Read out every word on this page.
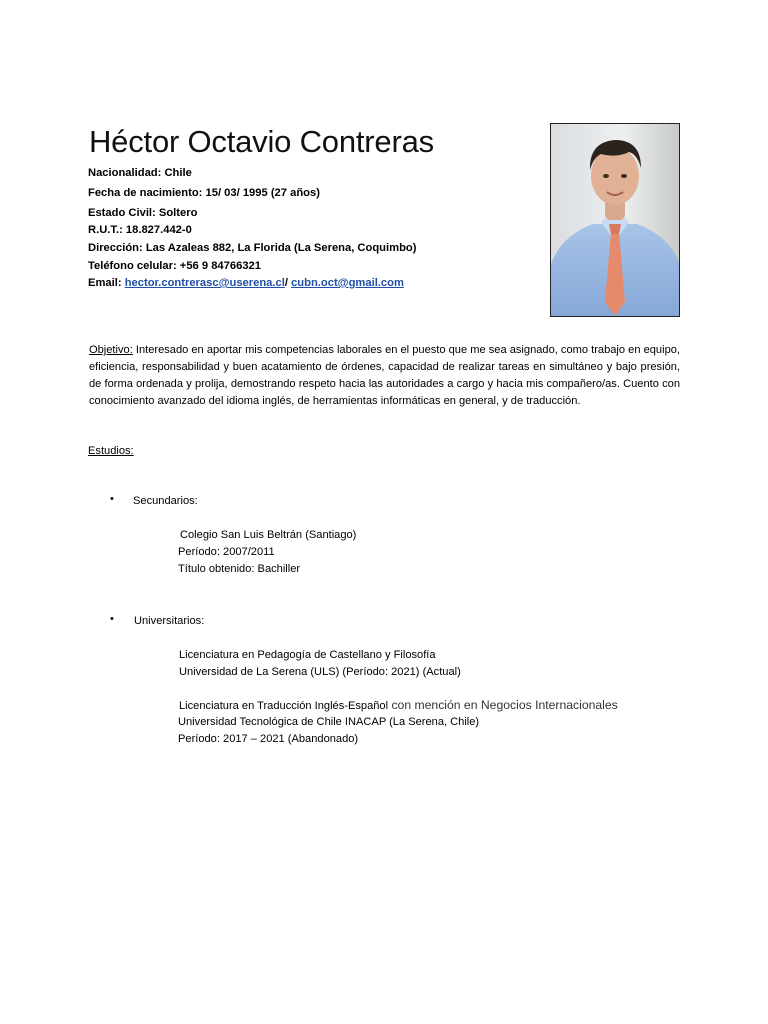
Héctor Octavio Contreras
Nacionalidad: Chile
Fecha de nacimiento: 15/ 03/ 1995 (27 años)
Estado Civil: Soltero
R.U.T.: 18.827.442-0
Dirección: Las Azaleas 882, La Florida (La Serena, Coquimbo)
Teléfono celular: +56 9 84766321
Email: hector.contrerasc@userena.cl/ cubn.oct@gmail.com
Objetivo: Interesado en aportar mis competencias laborales en el puesto que me sea asignado, como trabajo en equipo, eficiencia, responsabilidad y buen acatamiento de órdenes, capacidad de realizar tareas en simultáneo y bajo presión, de forma ordenada y prolija, demostrando respeto hacia las autoridades a cargo y hacia mis compañero/as. Cuento con conocimiento avanzado del idioma inglés, de herramientas informáticas en general, y de traducción.
Estudios:
• Secundarios:
Colegio San Luis Beltrán (Santiago)
Período: 2007/2011
Título obtenido: Bachiller
• Universitarios:
Licenciatura en Pedagogía de Castellano y Filosofía
Universidad de La Serena (ULS) (Período: 2021) (Actual)
Licenciatura en Traducción Inglés-Español con mención en Negocios Internacionales
Universidad Tecnológica de Chile INACAP (La Serena, Chile)
Período: 2017 – 2021 (Abandonado)
